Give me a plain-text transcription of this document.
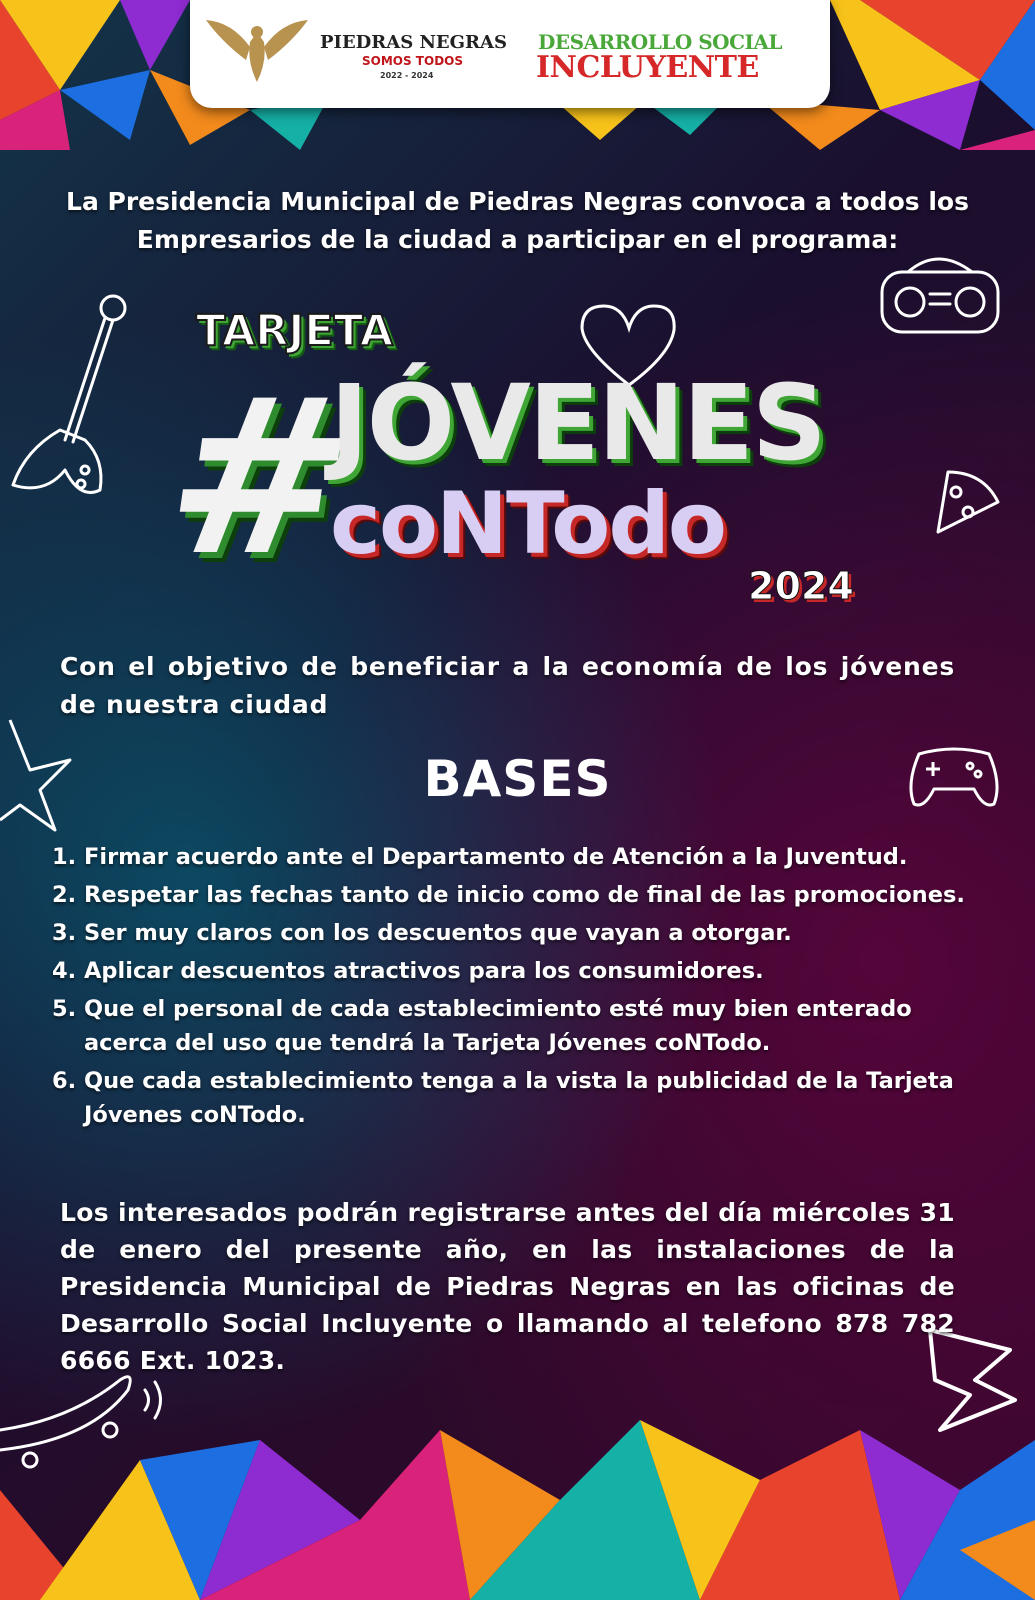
PIEDRAS NEGRAS
SOMOS TODOS
2022 - 2024
DESARROLLO SOCIAL
INCLUYENTE
La Presidencia Municipal de Piedras Negras convoca a todos los Empresarios de la ciudad a participar en el programa:
TARJETA
#
JÓVENES
coNTodo
2024
Con el objetivo de beneficiar a la economía de los jóvenes de nuestra ciudad
BASES
1. Firmar acuerdo ante el Departamento de Atención a la Juventud.
2. Respetar las fechas tanto de inicio como de final de las promociones.
3. Ser muy claros con los descuentos que vayan a otorgar.
4. Aplicar descuentos atractivos para los consumidores.
5. Que el personal de cada establecimiento esté muy bien enterado acerca del uso que tendrá la Tarjeta Jóvenes coNTodo.
6. Que cada establecimiento tenga a la vista la publicidad de la Tarjeta Jóvenes coNTodo.
Los interesados podrán registrarse antes del día miércoles 31 de enero del presente año, en las instalaciones de la Presidencia Municipal de Piedras Negras en las oficinas de Desarrollo Social Incluyente o llamando al telefono 878 782 6666 Ext. 1023.
